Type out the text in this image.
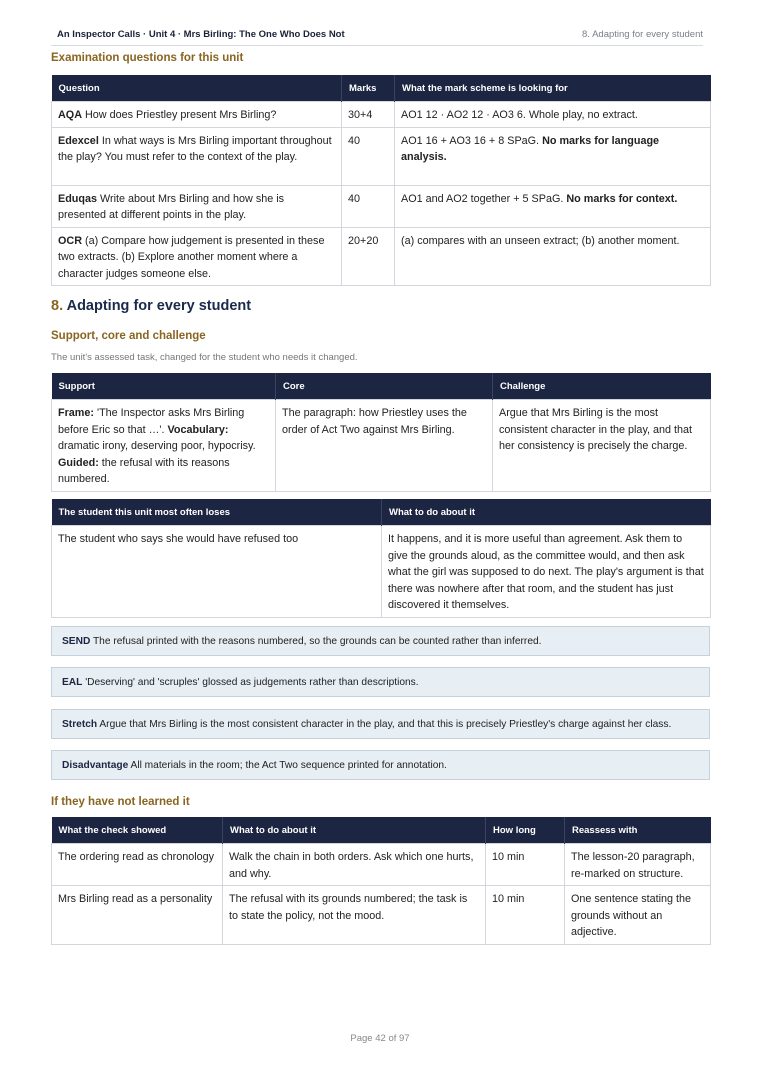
An Inspector Calls · Unit 4 · Mrs Birling: The One Who Does Not	8. Adapting for every student
Examination questions for this unit
Question	Marks	What the mark scheme is looking for
AQA How does Priestley present Mrs Birling?	30+4	AO1 12 · AO2 12 · AO3 6. Whole play, no extract.
Edexcel In what ways is Mrs Birling important throughout the play? You must refer to the context of the play.	40	AO1 16 + AO3 16 + 8 SPaG. No marks for language analysis.
Eduqas Write about Mrs Birling and how she is presented at different points in the play.	40	AO1 and AO2 together + 5 SPaG. No marks for context.
OCR (a) Compare how judgement is presented in these two extracts. (b) Explore another moment where a character judges someone else.	20+20	(a) compares with an unseen extract; (b) another moment.
8. Adapting for every student
Support, core and challenge
The unit's assessed task, changed for the student who needs it changed.
Support	Core	Challenge
Frame: 'The Inspector asks Mrs Birling before Eric so that …'. Vocabulary: dramatic irony, deserving poor, hypocrisy. Guided: the refusal with its reasons numbered.	The paragraph: how Priestley uses the order of Act Two against Mrs Birling.	Argue that Mrs Birling is the most consistent character in the play, and that her consistency is precisely the charge.
The student this unit most often loses	What to do about it
The student who says she would have refused too	It happens, and it is more useful than agreement. Ask them to give the grounds aloud, as the committee would, and then ask what the girl was supposed to do next. The play's argument is that there was nowhere after that room, and the student has just discovered it themselves.
SEND The refusal printed with the reasons numbered, so the grounds can be counted rather than inferred.
EAL 'Deserving' and 'scruples' glossed as judgements rather than descriptions.
Stretch Argue that Mrs Birling is the most consistent character in the play, and that this is precisely Priestley's charge against her class.
Disadvantage All materials in the room; the Act Two sequence printed for annotation.
If they have not learned it
What the check showed	What to do about it	How long	Reassess with
The ordering read as chronology	Walk the chain in both orders. Ask which one hurts, and why.	10 min	The lesson-20 paragraph, re-marked on structure.
Mrs Birling read as a personality	The refusal with its grounds numbered; the task is to state the policy, not the mood.	10 min	One sentence stating the grounds without an adjective.
Page 42 of 97
